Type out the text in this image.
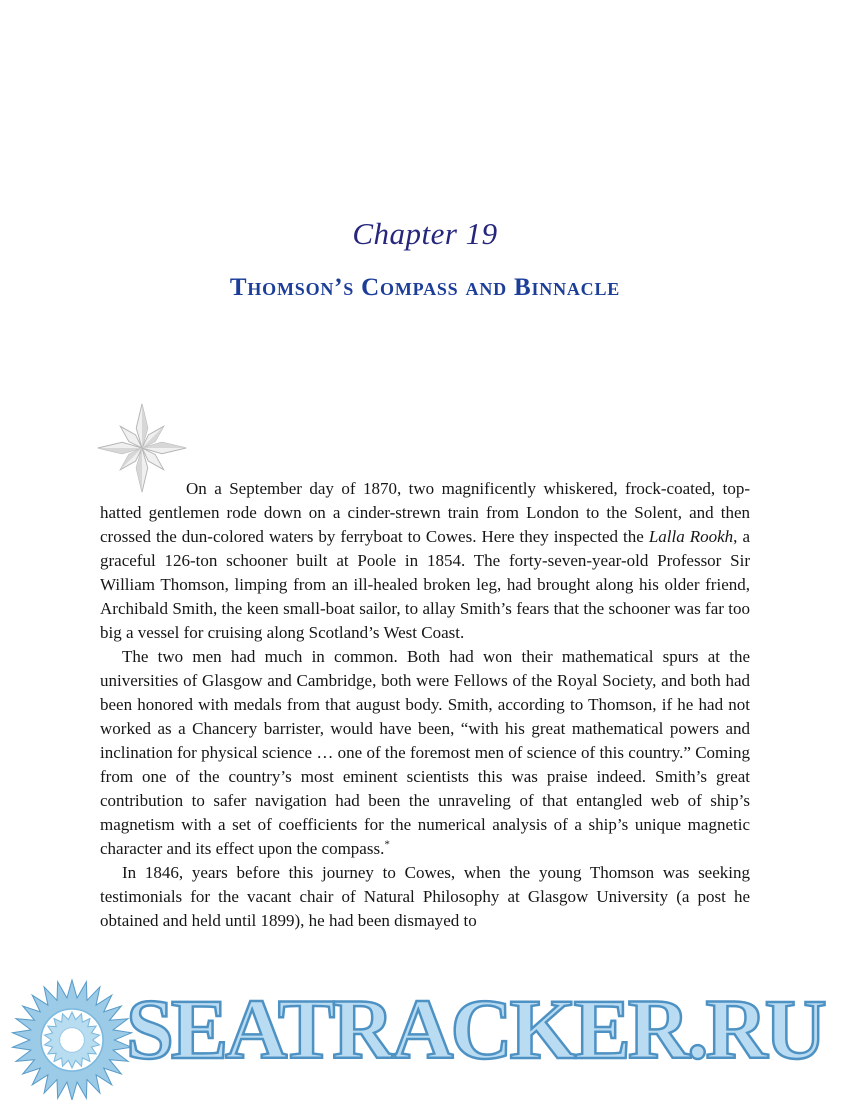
Chapter 19
Thomson’s Compass and Binnacle

On a September day of 1870, two magnificently whiskered, frock-coated, top-hatted gentlemen rode down on a cinder-strewn train from London to the Solent, and then crossed the dun-colored waters by ferryboat to Cowes. Here they inspected the Lalla Rookh, a graceful 126-ton schooner built at Poole in 1854. The forty-seven-year-old Professor Sir William Thomson, limping from an ill-healed broken leg, had brought along his older friend, Archibald Smith, the keen small-boat sailor, to allay Smith’s fears that the schooner was far too big a vessel for cruising along Scotland’s West Coast.

The two men had much in common. Both had won their mathematical spurs at the universities of Glasgow and Cambridge, both were Fellows of the Royal Society, and both had been honored with medals from that august body. Smith, according to Thomson, if he had not worked as a Chancery barrister, would have been, “with his great mathematical powers and inclination for physical science … one of the foremost men of science of this country.” Coming from one of the country’s most eminent scientists this was praise indeed. Smith’s great contribution to safer navigation had been the unraveling of that entangled web of ship’s magnetism with a set of coefficients for the numerical analysis of a ship’s unique magnetic character and its effect upon the compass.*

In 1846, years before this journey to Cowes, when the young Thomson was seeking testimonials for the vacant chair of Natural Philosophy at Glasgow University (a post he obtained and held until 1899), he had been dismayed to

SEATRACKER.RU
